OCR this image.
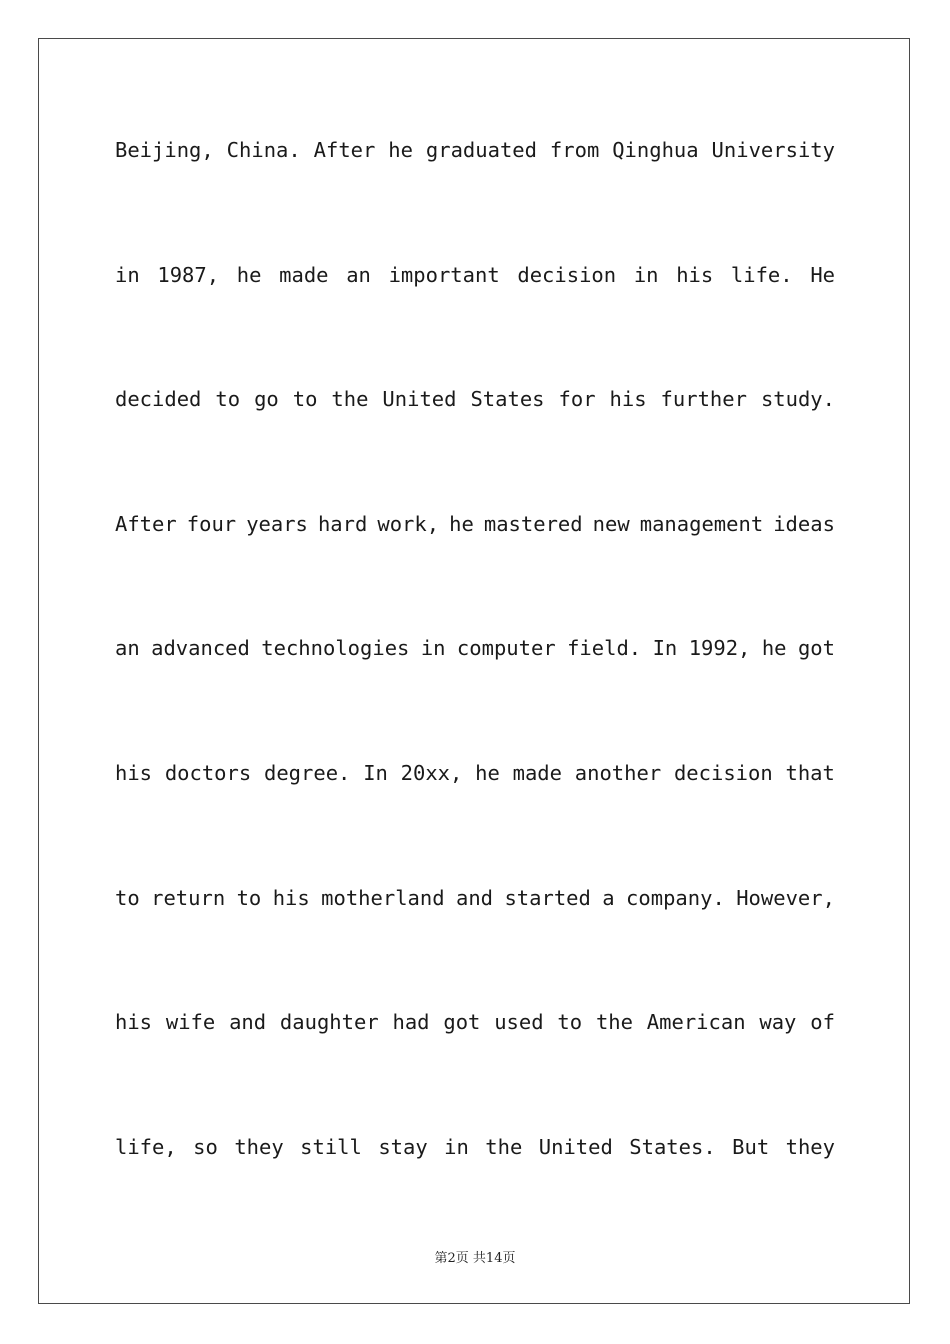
Beijing, China. After he graduated from Qinghua University
in 1987, he made an important decision in his life. He
decided to go to the United States for his further study.
After four years hard work, he mastered new management ideas
an advanced technologies in computer field. In 1992, he got
his doctors degree. In 20xx, he made another decision that
to return to his motherland and started a company. However,
his wife and daughter had got used to the American way of
life, so they still stay in the United States. But they
第2页 共14页
